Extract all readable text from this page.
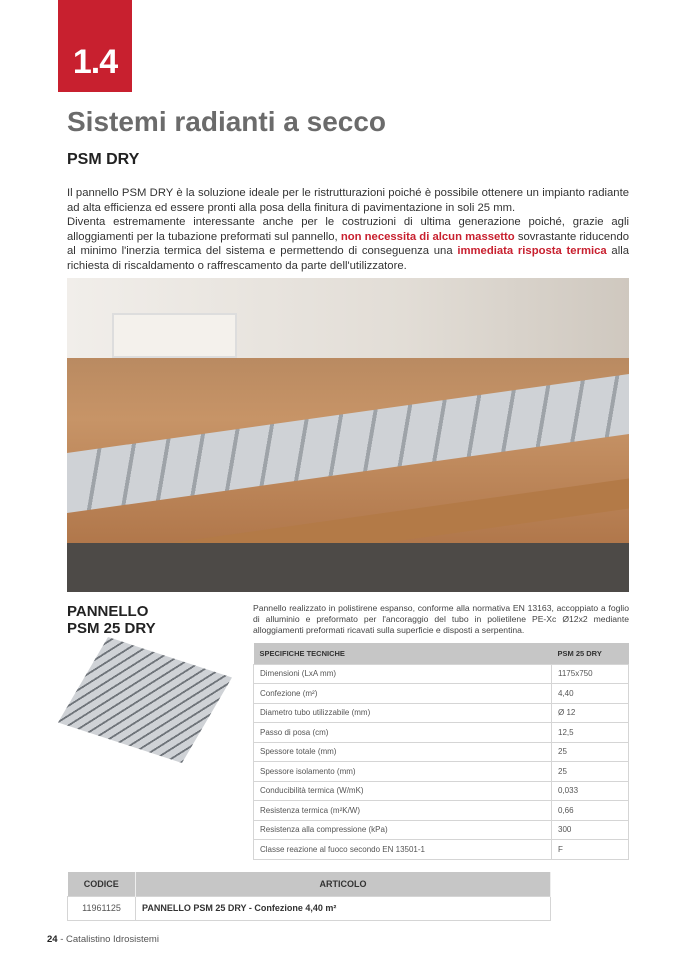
1.4
Sistemi radianti a secco
PSM DRY
Il pannello PSM DRY è la soluzione ideale per le ristrutturazioni poiché è possibile ottenere un impianto radiante ad alta efficienza ed essere pronti alla posa della finitura di pavimentazione in soli 25 mm.
Diventa estremamente interessante anche per le costruzioni di ultima generazione poiché, grazie agli alloggiamenti per la tubazione preformati sul pannello, non necessita di alcun massetto sovrastante riducendo al minimo l'inerzia termica del sistema e permettendo di conseguenza una immediata risposta termica alla richiesta di riscaldamento o raffrescamento da parte dell'utilizzatore.
PANNELLO
PSM 25 DRY
Pannello realizzato in polistirene espanso, conforme alla normativa EN 13163, accoppiato a foglio di alluminio e preformato per l'ancoraggio del tubo in polietilene PE-Xc Ø12x2 mediante alloggiamenti preformati ricavati sulla superficie e disposti a serpentina.
SPECIFICHE TECNICHE	PSM 25 DRY
Dimensioni (LxA mm)	1175x750
Confezione (m²)	4,40
Diametro tubo utilizzabile (mm)	Ø 12
Passo di posa (cm)	12,5
Spessore totale (mm)	25
Spessore isolamento (mm)	25
Conducibilità termica (W/mK)	0,033
Resistenza termica (m²K/W)	0,66
Resistenza alla compressione (kPa)	300
Classe reazione al fuoco secondo EN 13501-1	F
CODICE	ARTICOLO
11961125	PANNELLO PSM 25 DRY - Confezione 4,40 m²
24 - Catalistino Idrosistemi
